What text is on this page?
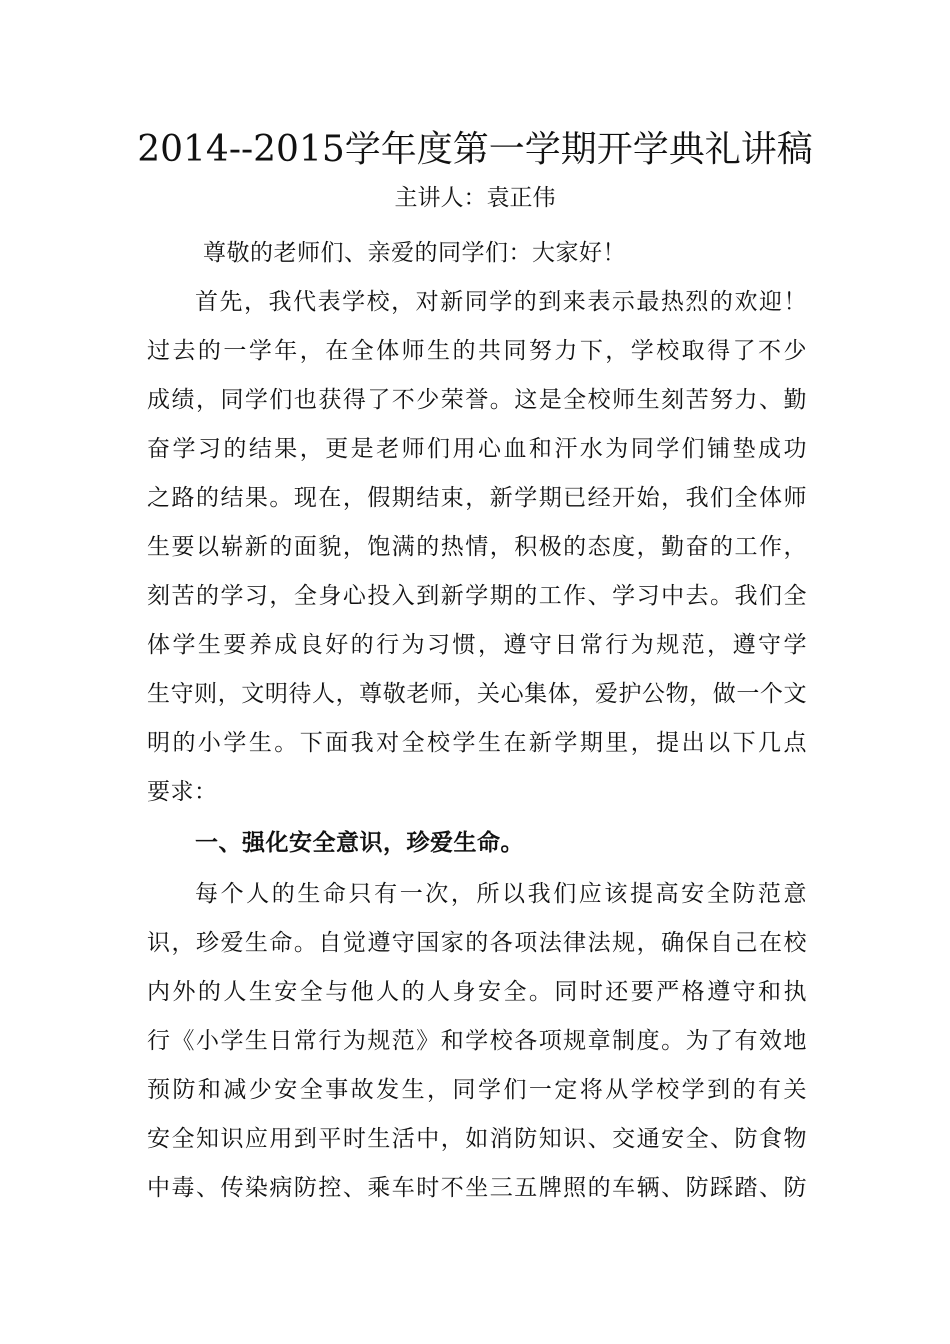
2014--2015学年度第一学期开学典礼讲稿
主讲人：袁正伟
尊敬的老师们、亲爱的同学们：大家好！
首先，我代表学校，对新同学的到来表示最热烈的欢迎！
过去的一学年，在全体师生的共同努力下，学校取得了不少
成绩，同学们也获得了不少荣誉。这是全校师生刻苦努力、勤
奋学习的结果，更是老师们用心血和汗水为同学们铺垫成功
之路的结果。现在，假期结束，新学期已经开始，我们全体师
生要以崭新的面貌，饱满的热情，积极的态度，勤奋的工作，
刻苦的学习，全身心投入到新学期的工作、学习中去。我们全
体学生要养成良好的行为习惯，遵守日常行为规范，遵守学
生守则，文明待人，尊敬老师，关心集体，爱护公物，做一个文
明的小学生。下面我对全校学生在新学期里，提出以下几点
要求：
一、强化安全意识，珍爱生命。
每个人的生命只有一次，所以我们应该提高安全防范意
识，珍爱生命。自觉遵守国家的各项法律法规，确保自己在校
内外的人生安全与他人的人身安全。同时还要严格遵守和执
行《小学生日常行为规范》和学校各项规章制度。为了有效地
预防和减少安全事故发生，同学们一定将从学校学到的有关
安全知识应用到平时生活中，如消防知识、交通安全、防食物
中毒、传染病防控、乘车时不坐三五牌照的车辆、防踩踏、防
